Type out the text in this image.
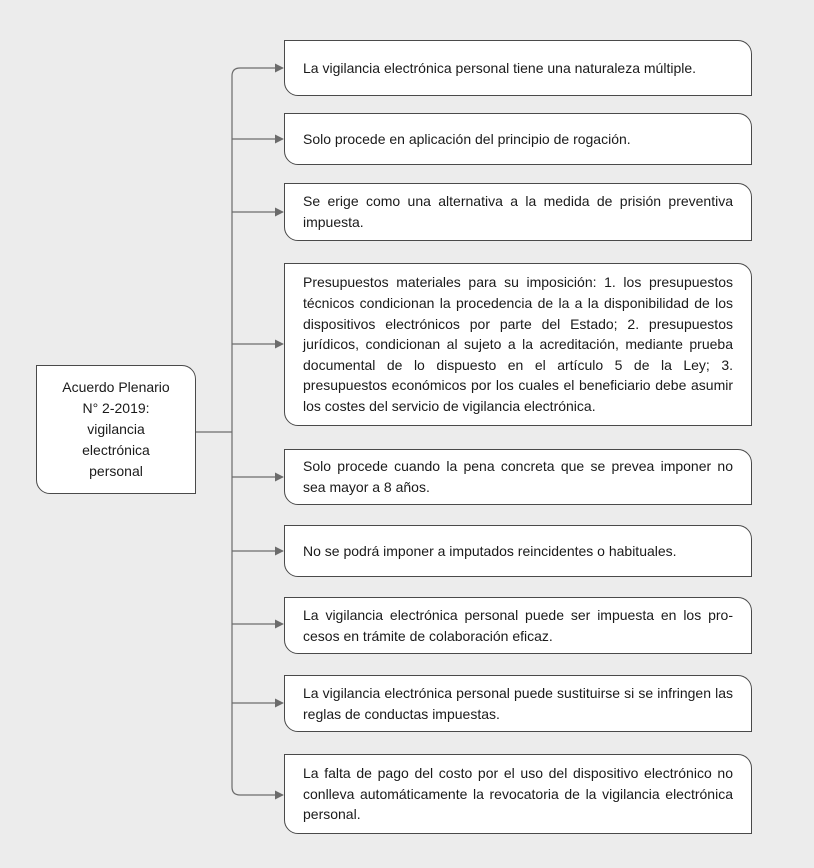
Acuerdo Plenario
N° 2-2019:
vigilancia
electrónica
personal
La vigilancia electrónica personal tiene una naturaleza múltiple.
Solo procede en aplicación del principio de rogación.
Se erige como una alternativa a la medida de prisión preventiva impuesta.
Presupuestos materiales para su imposición: 1. los presupuestos técnicos condicionan la procedencia de la a la disponibilidad de los dispositivos electrónicos por parte del Estado; 2. presupuestos jurídicos, condicionan al sujeto a la acreditación, mediante prueba documental de lo dispuesto en el artículo 5 de la Ley; 3. presupuestos económicos por los cuales el beneficiario debe asumir los costes del servicio de vigilancia electrónica.
Solo procede cuando la pena concreta que se prevea imponer no sea mayor a 8 años.
No se podrá imponer a imputados reincidentes o habituales.
La vigilancia electrónica personal puede ser impuesta en los procesos en trámite de colaboración eficaz.
La vigilancia electrónica personal puede sustituirse si se infringen las reglas de conductas impuestas.
La falta de pago del costo por el uso del dispositivo electrónico no conlleva automáticamente la revocatoria de la vigilancia electrónica personal.
